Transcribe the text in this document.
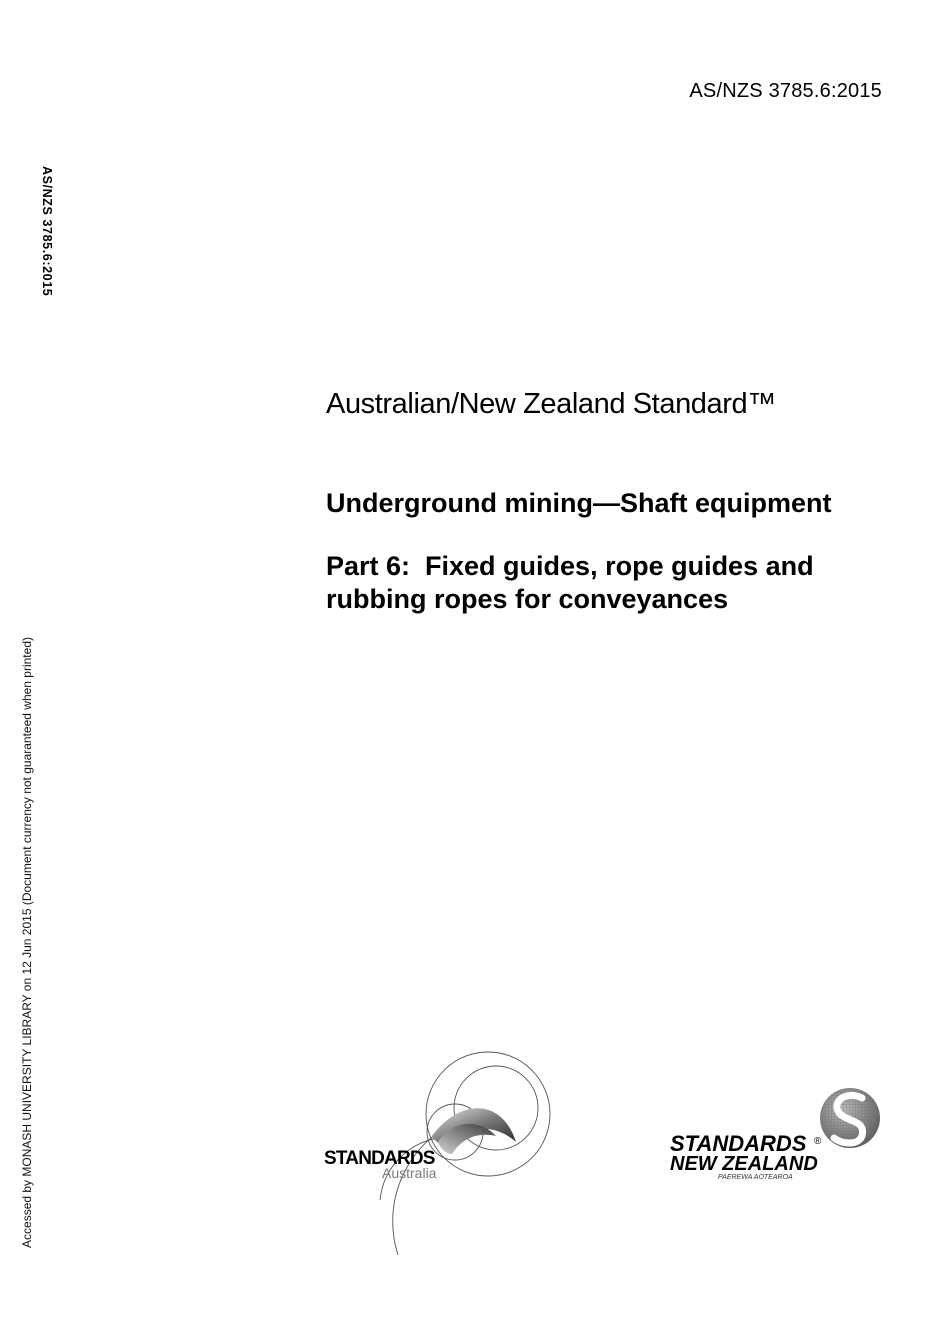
AS/NZS 3785.6:2015
AS/NZS 3785.6:2015
Accessed by MONASH UNIVERSITY LIBRARY on 12 Jun 2015 (Document currency not guaranteed when printed)
Australian/New Zealand Standard™
Underground mining—Shaft equipment
Part 6:  Fixed guides, rope guides and
rubbing ropes for conveyances
STANDARDS
Australia
STANDARDS ®
NEW ZEALAND
PAEREWA AOTEAROA
